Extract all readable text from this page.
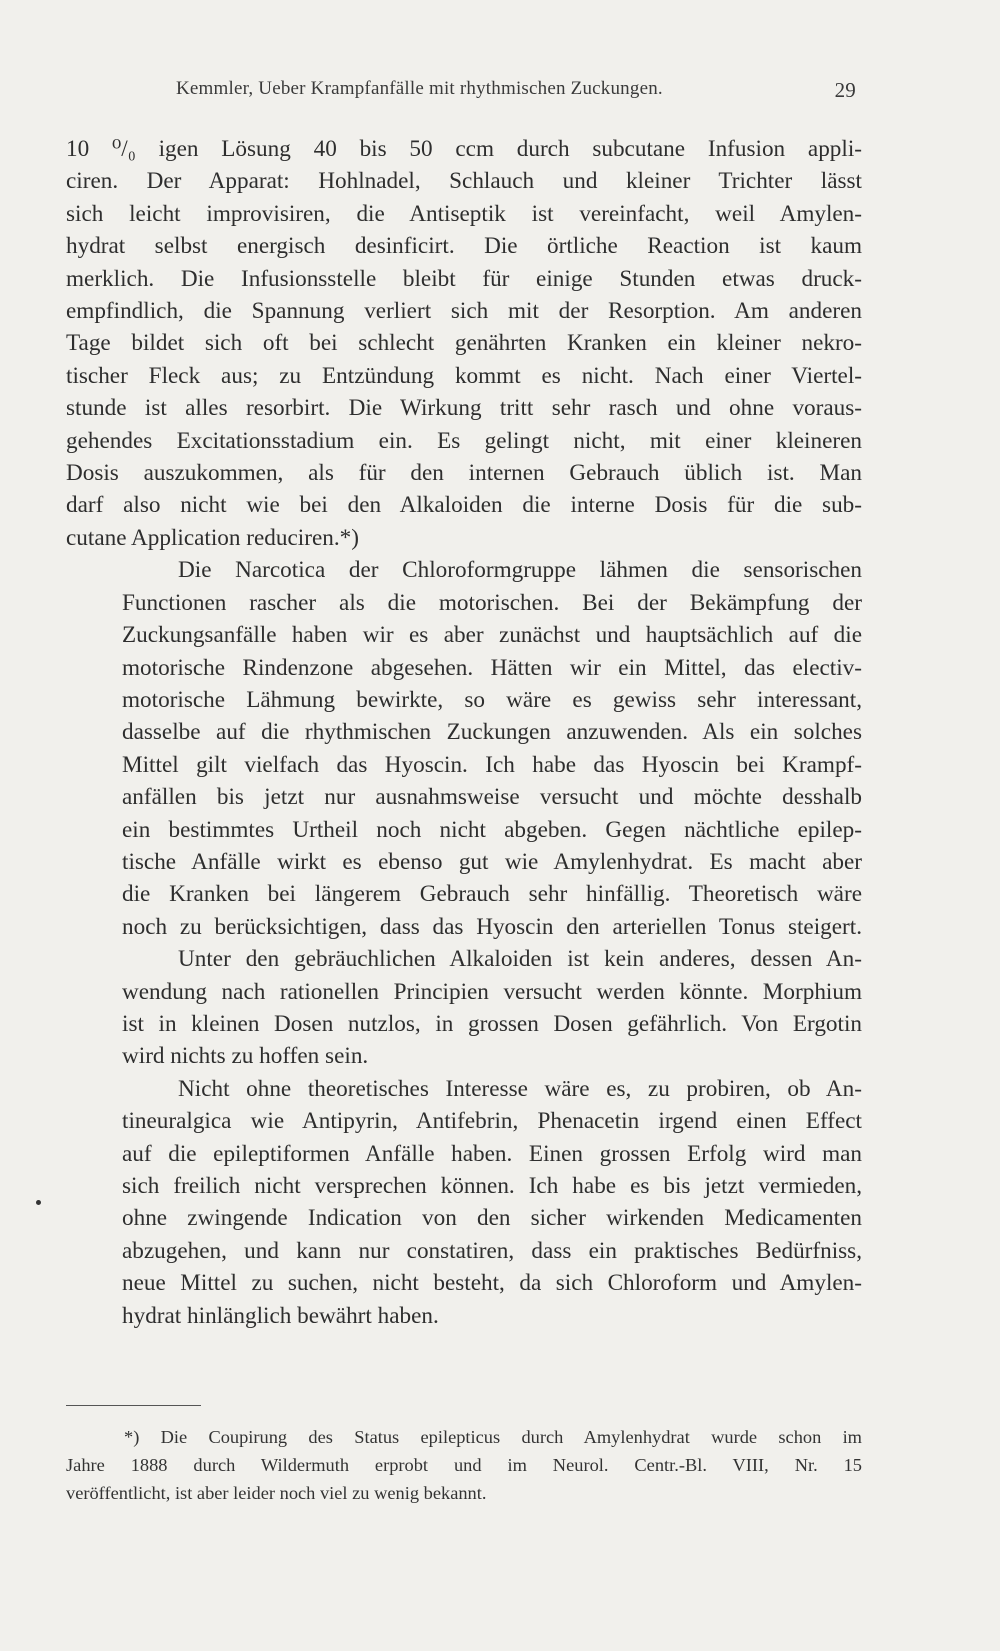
Kemmler, Ueber Krampfanfälle mit rhythmischen Zuckungen.	29

10 ⁰/₀ igen Lösung 40 bis 50 ccm durch subcutane Infusion appli-
ciren. Der Apparat: Hohlnadel, Schlauch und kleiner Trichter lässt
sich leicht improvisiren, die Antiseptik ist vereinfacht, weil Amylen-
hydrat selbst energisch desinficirt. Die örtliche Reaction ist kaum
merklich. Die Infusionsstelle bleibt für einige Stunden etwas druck-
empfindlich, die Spannung verliert sich mit der Resorption. Am anderen
Tage bildet sich oft bei schlecht genährten Kranken ein kleiner nekro-
tischer Fleck aus; zu Entzündung kommt es nicht. Nach einer Viertel-
stunde ist alles resorbirt. Die Wirkung tritt sehr rasch und ohne voraus-
gehendes Excitationsstadium ein. Es gelingt nicht, mit einer kleineren
Dosis auszukommen, als für den internen Gebrauch üblich ist. Man
darf also nicht wie bei den Alkaloiden die interne Dosis für die sub-
cutane Application reduciren.*)

Die Narcotica der Chloroformgruppe lähmen die sensorischen
Functionen rascher als die motorischen. Bei der Bekämpfung der
Zuckungsanfälle haben wir es aber zunächst und hauptsächlich auf die
motorische Rindenzone abgesehen. Hätten wir ein Mittel, das electiv-
motorische Lähmung bewirkte, so wäre es gewiss sehr interessant,
dasselbe auf die rhythmischen Zuckungen anzuwenden. Als ein solches
Mittel gilt vielfach das Hyoscin. Ich habe das Hyoscin bei Krampf-
anfällen bis jetzt nur ausnahmsweise versucht und möchte desshalb
ein bestimmtes Urtheil noch nicht abgeben. Gegen nächtliche epilep-
tische Anfälle wirkt es ebenso gut wie Amylenhydrat. Es macht aber
die Kranken bei längerem Gebrauch sehr hinfällig. Theoretisch wäre
noch zu berücksichtigen, dass das Hyoscin den arteriellen Tonus steigert.

Unter den gebräuchlichen Alkaloiden ist kein anderes, dessen An-
wendung nach rationellen Principien versucht werden könnte. Morphium
ist in kleinen Dosen nutzlos, in grossen Dosen gefährlich. Von Ergotin
wird nichts zu hoffen sein.

Nicht ohne theoretisches Interesse wäre es, zu probiren, ob An-
tineuralgica wie Antipyrin, Antifebrin, Phenacetin irgend einen Effect
auf die epileptiformen Anfälle haben. Einen grossen Erfolg wird man
sich freilich nicht versprechen können. Ich habe es bis jetzt vermieden,
ohne zwingende Indication von den sicher wirkenden Medicamenten
abzugehen, und kann nur constatiren, dass ein praktisches Bedürfniss,
neue Mittel zu suchen, nicht besteht, da sich Chloroform und Amylen-
hydrat hinlänglich bewährt haben.

*) Die Coupirung des Status epilepticus durch Amylenhydrat wurde schon im
Jahre 1888 durch Wildermuth erprobt und im Neurol. Centr.-Bl. VIII, Nr. 15
veröffentlicht, ist aber leider noch viel zu wenig bekannt.
